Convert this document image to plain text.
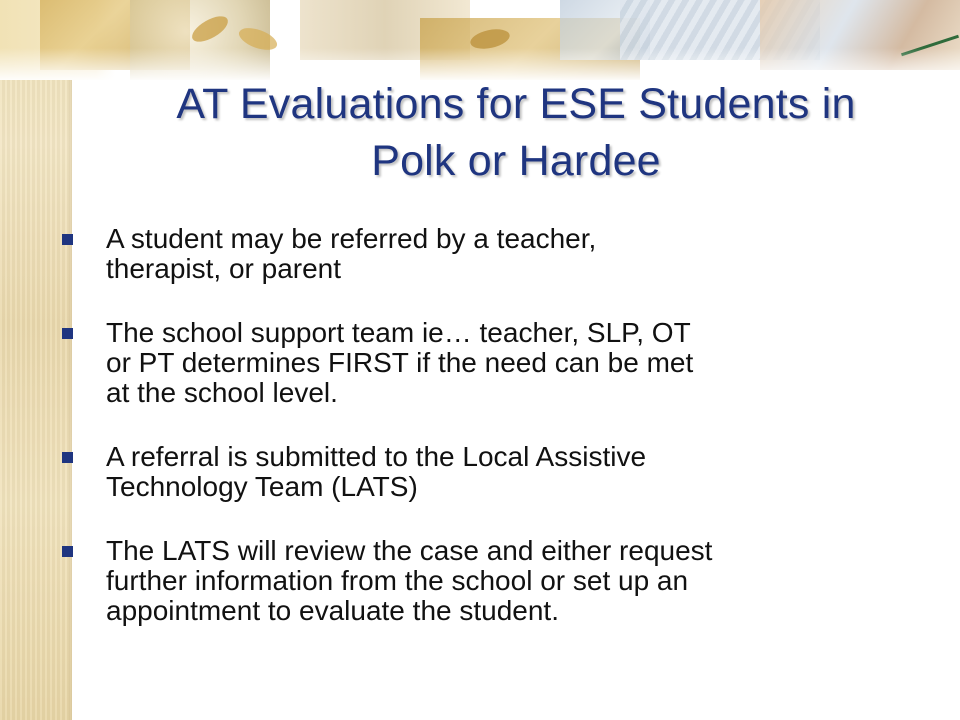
AT Evaluations for ESE Students in
Polk or Hardee
A student may be referred by a teacher,
therapist, or parent
The school support team ie… teacher, SLP, OT
or PT determines FIRST if the need can be met
at the school level.
A referral is submitted to the Local Assistive
Technology Team (LATS)
The LATS will review the case and either request
further information from the school or set up an
appointment to evaluate the student.
